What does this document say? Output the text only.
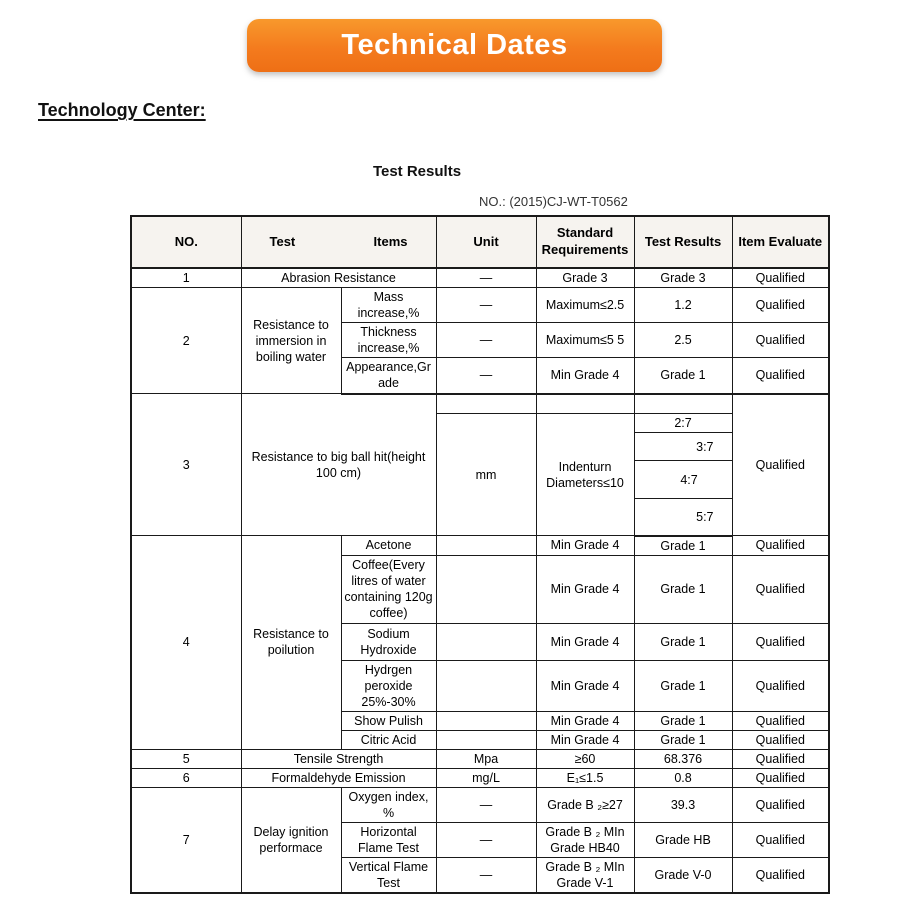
Technical Dates
Technology Center:
Test Results
NO.: (2015)CJ-WT-T0562
NO.	Test Items		Unit	Standard Requirements	Test Results	Item Evaluate
1	Abrasion Resistance		—	Grade 3	Grade 3	Qualified
2	Resistance to immersion in boiling water	Mass increase,%	—	Maximum≤2.5	1.2	Qualified
		Thickness increase,%	—	Maximum≤5 5	2.5	Qualified
		Appearance,Grade	—	Min Grade 4	Grade 1	Qualified
3	Resistance to big ball hit(height 100 cm)					Qualified
			mm	Indenturn Diameters≤10	2:7	
					3:7	
					4:7	
					5:7	
4	Resistance to poilution	Acetone		Min Grade 4	Grade 1	Qualified
		Coffee(Every litres of water containing 120g coffee)		Min Grade 4	Grade 1	Qualified
		Sodium Hydroxide		Min Grade 4	Grade 1	Qualified
		Hydrgen peroxide 25%-30%		Min Grade 4	Grade 1	Qualified
		Show Pulish		Min Grade 4	Grade 1	Qualified
		Citric Acid		Min Grade 4	Grade 1	Qualified
5	Tensile Strength		Mpa	≥60	68.376	Qualified
6	Formaldehyde Emission		mg/L	E₁≤1.5	0.8	Qualified
7	Delay ignition performace	Oxygen index, %	—	Grade B ₂≥27	39.3	Qualified
		Horizontal Flame Test	—	Grade B ₂ MIn Grade HB40	Grade HB	Qualified
		Vertical Flame Test	—	Grade B ₂ MIn Grade V-1	Grade V-0	Qualified
